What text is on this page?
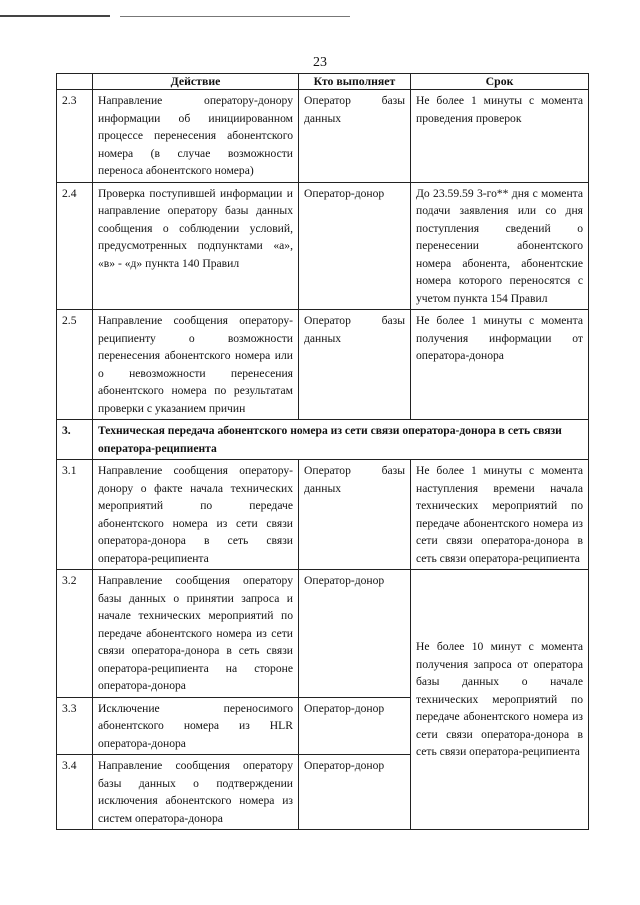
23
	Действие	Кто выполняет	Срок
2.3	Направление оператору-донору информации об инициированном процессе перенесения абонентского номера (в случае возможности переноса абонентского номера)	Оператор базы данных	Не более 1 минуты с момента проведения проверок
2.4	Проверка поступившей информации и направление оператору базы данных сообщения о соблюдении условий, предусмотренных подпунктами «а», «в» - «д» пункта 140 Правил	Оператор-донор	До 23.59.59 3-го** дня с момента подачи заявления или со дня поступления сведений о перенесении абонентского номера абонента, абонентские номера которого переносятся с учетом пункта 154 Правил
2.5	Направление сообщения оператору-реципиенту о возможности перенесения абонентского номера или о невозможности перенесения абонентского номера по результатам проверки с указанием причин	Оператор базы данных	Не более 1 минуты с момента получения информации от оператора-донора
3.	Техническая передача абонентского номера из сети связи оператора-донора в сеть связи оператора-реципиента		
3.1	Направление сообщения оператору-донору о факте начала технических мероприятий по передаче абонентского номера из сети связи оператора-донора в сеть связи оператора-реципиента	Оператор базы данных	Не более 1 минуты с момента наступления времени начала технических мероприятий по передаче абонентского номера из сети связи оператора-донора в сеть связи оператора-реципиента
3.2	Направление сообщения оператору базы данных о принятии запроса и начале технических мероприятий по передаче абонентского номера из сети связи оператора-донора в сеть связи оператора-реципиента на стороне оператора-донора	Оператор-донор	Не более 10 минут с момента получения запроса от оператора базы данных о начале технических мероприятий по передаче абонентского номера из сети связи оператора-донора в сеть связи оператора-реципиента
3.3	Исключение переносимого абонентского номера из HLR оператора-донора	Оператор-донор	
3.4	Направление сообщения оператору базы данных о подтверждении исключения абонентского номера из систем оператора-донора	Оператор-донор	
